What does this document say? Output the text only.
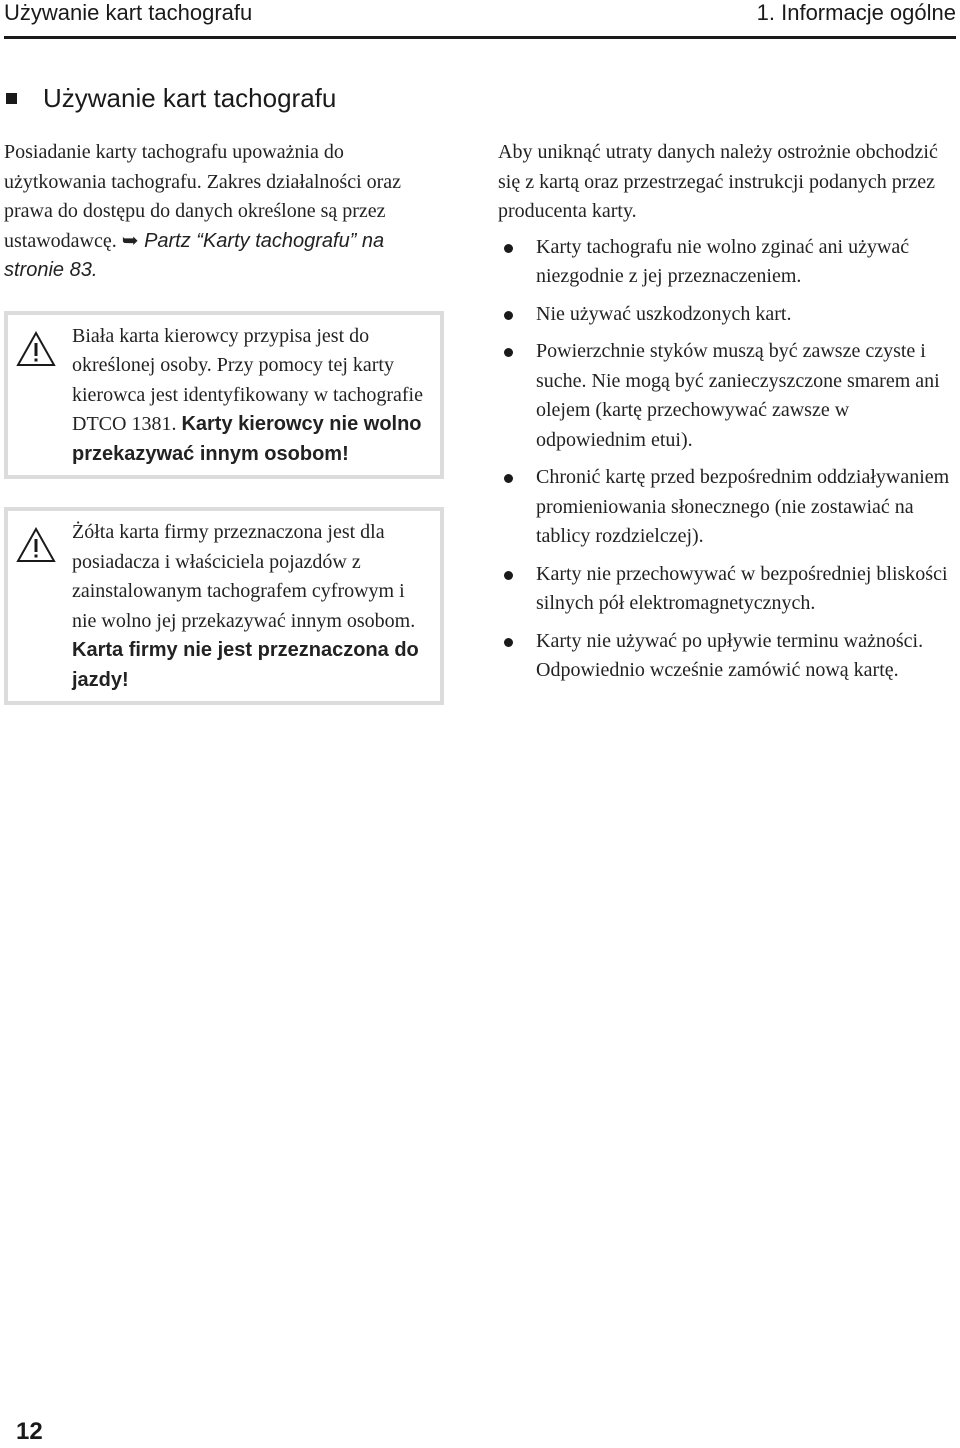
Używanie kart tachografu	1. Informacje ogólne
Używanie kart tachografu

Posiadanie karty tachografu upoważnia do użytkowania tachografu. Zakres działalności oraz prawa do dostępu do danych określone są przez ustawodawcę. ➥ Partz “Karty tachografu” na stronie 83.

Biała karta kierowcy przypisa jest do określonej osoby. Przy pomocy tej karty kierowca jest identyfikowany w tachografie DTCO 1381. Karty kierowcy nie wolno przekazywać innym osobom!

Żółta karta firmy przeznaczona jest dla posiadacza i właściciela pojazdów z zainstalowanym tachografem cyfrowym i nie wolno jej przekazywać innym osobom. Karta firmy nie jest przeznaczona do jazdy!

Aby uniknąć utraty danych należy ostrożnie obchodzić się z kartą oraz przestrzegać instrukcji podanych przez producenta karty.

Karty tachografu nie wolno zginać ani używać niezgodnie z jej przeznaczeniem.
Nie używać uszkodzonych kart.
Powierzchnie styków muszą być zawsze czyste i suche. Nie mogą być zanieczyszczone smarem ani olejem (kartę przechowywać zawsze w odpowiednim etui).
Chronić kartę przed bezpośrednim oddziaływaniem promieniowania słonecznego (nie zostawiać na tablicy rozdzielczej).
Karty nie przechowywać w bezpośredniej bliskości silnych pół elektromagnetycznych.
Karty nie używać po upływie terminu ważności. Odpowiednio wcześnie zamówić nową kartę.
12
